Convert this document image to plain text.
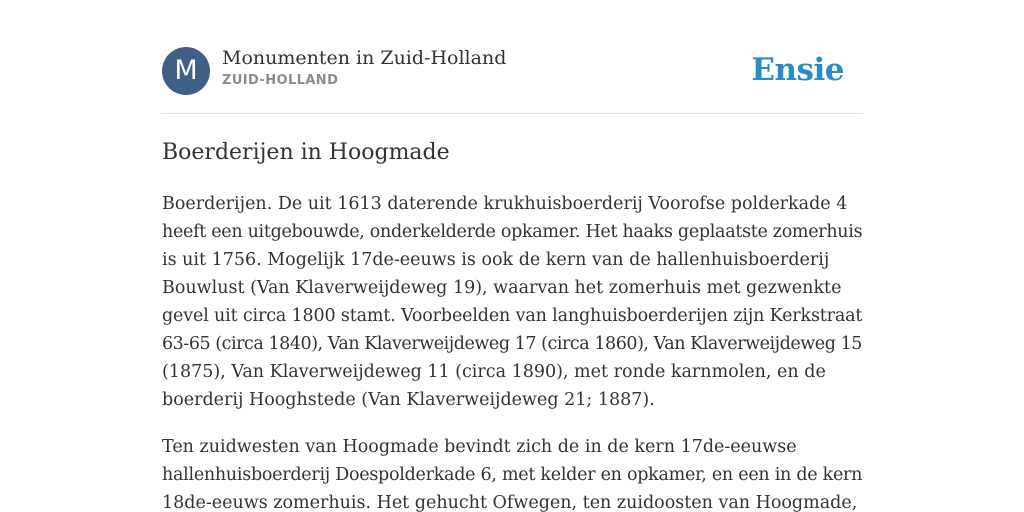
M	Monumenten in Zuid-Holland
ZUID-HOLLAND	Ensie
Boerderijen in Hoogmade

Boerderijen. De uit 1613 daterende krukhuisboerderij Voorofse polderkade 4
heeft een uitgebouwde, onderkelderde opkamer. Het haaks geplaatste zomerhuis
is uit 1756. Mogelijk 17de-eeuws is ook de kern van de hallenhuisboerderij
Bouwlust (Van Klaverweijdeweg 19), waarvan het zomerhuis met gezwenkte
gevel uit circa 1800 stamt. Voorbeelden van langhuisboerderijen zijn Kerkstraat
63-65 (circa 1840), Van Klaverweijdeweg 17 (circa 1860), Van Klaverweijdeweg 15
(1875), Van Klaverweijdeweg 11 (circa 1890), met ronde karnmolen, en de
boerderij Hooghstede (Van Klaverweijdeweg 21; 1887).

Ten zuidwesten van Hoogmade bevindt zich de in de kern 17de-eeuwse
hallenhuisboerderij Doespolderkade 6, met kelder en opkamer, en een in de kern
18de-eeuws zomerhuis. Het gehucht Ofwegen, ten zuidoosten van Hoogmade,
